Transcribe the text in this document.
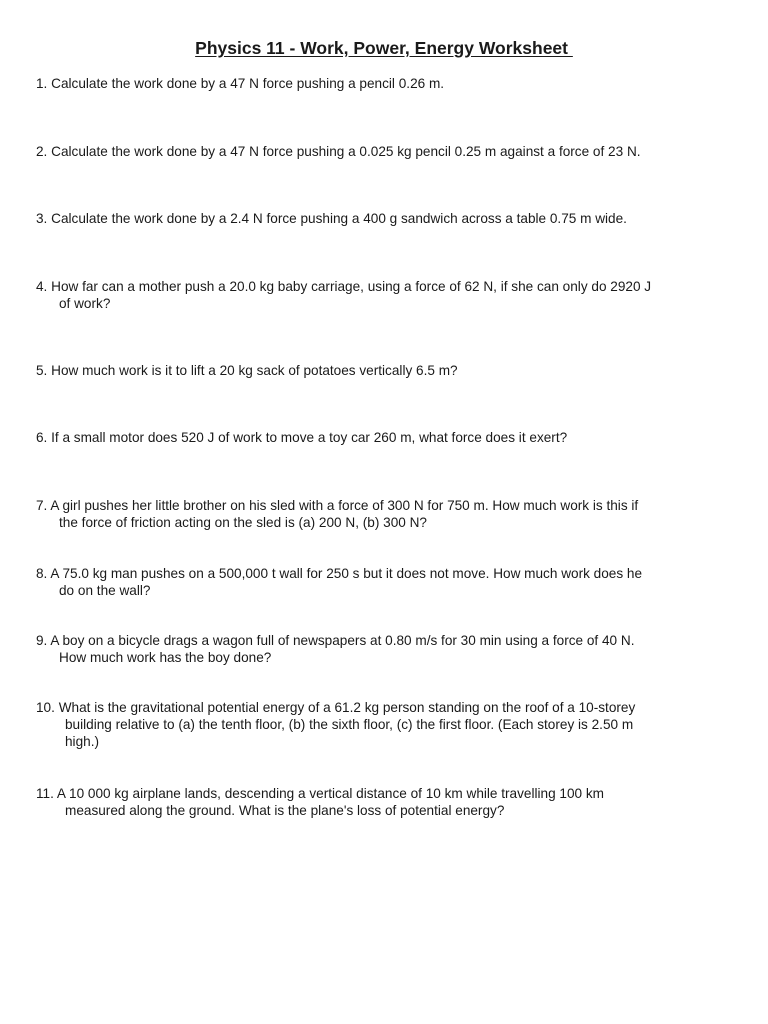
Physics 11 - Work, Power, Energy Worksheet
1. Calculate the work done by a 47 N force pushing a pencil 0.26 m.
2. Calculate the work done by a 47 N force pushing a 0.025 kg pencil 0.25 m against a force of 23 N.
3. Calculate the work done by a 2.4 N force pushing a 400 g sandwich across a table 0.75 m wide.
4. How far can a mother push a 20.0 kg baby carriage, using a force of 62 N, if she can only do 2920 J
of work?
5. How much work is it to lift a 20 kg sack of potatoes vertically 6.5 m?
6. If a small motor does 520 J of work to move a toy car 260 m, what force does it exert?
7. A girl pushes her little brother on his sled with a force of 300 N for 750 m. How much work is this if
the force of friction acting on the sled is (a) 200 N, (b) 300 N?
8. A 75.0 kg man pushes on a 500,000 t wall for 250 s but it does not move. How much work does he
do on the wall?
9. A boy on a bicycle drags a wagon full of newspapers at 0.80 m/s for 30 min using a force of 40 N.
How much work has the boy done?
10. What is the gravitational potential energy of a 61.2 kg person standing on the roof of a 10-storey
building relative to (a) the tenth floor, (b) the sixth floor, (c) the first floor. (Each storey is 2.50 m
high.)
11. A 10 000 kg airplane lands, descending a vertical distance of 10 km while travelling 100 km
measured along the ground. What is the plane's loss of potential energy?
